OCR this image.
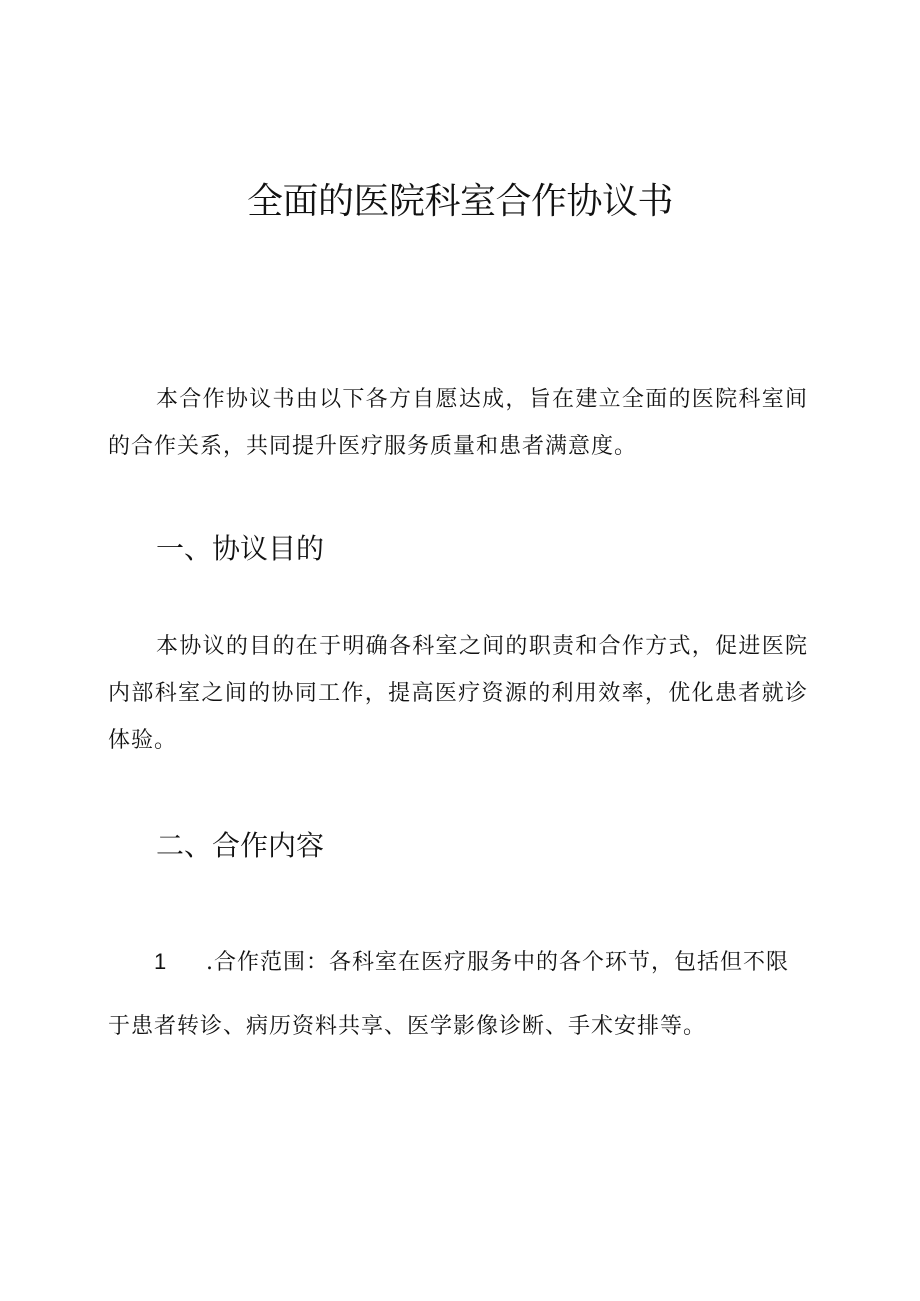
全面的医院科室合作协议书

本合作协议书由以下各方自愿达成，旨在建立全面的医院科室间的合作关系，共同提升医疗服务质量和患者满意度。

一、协议目的

本协议的目的在于明确各科室之间的职责和合作方式，促进医院内部科室之间的协同工作，提高医疗资源的利用效率，优化患者就诊体验。

二、合作内容

1 .合作范围：各科室在医疗服务中的各个环节，包括但不限于患者转诊、病历资料共享、医学影像诊断、手术安排等。
